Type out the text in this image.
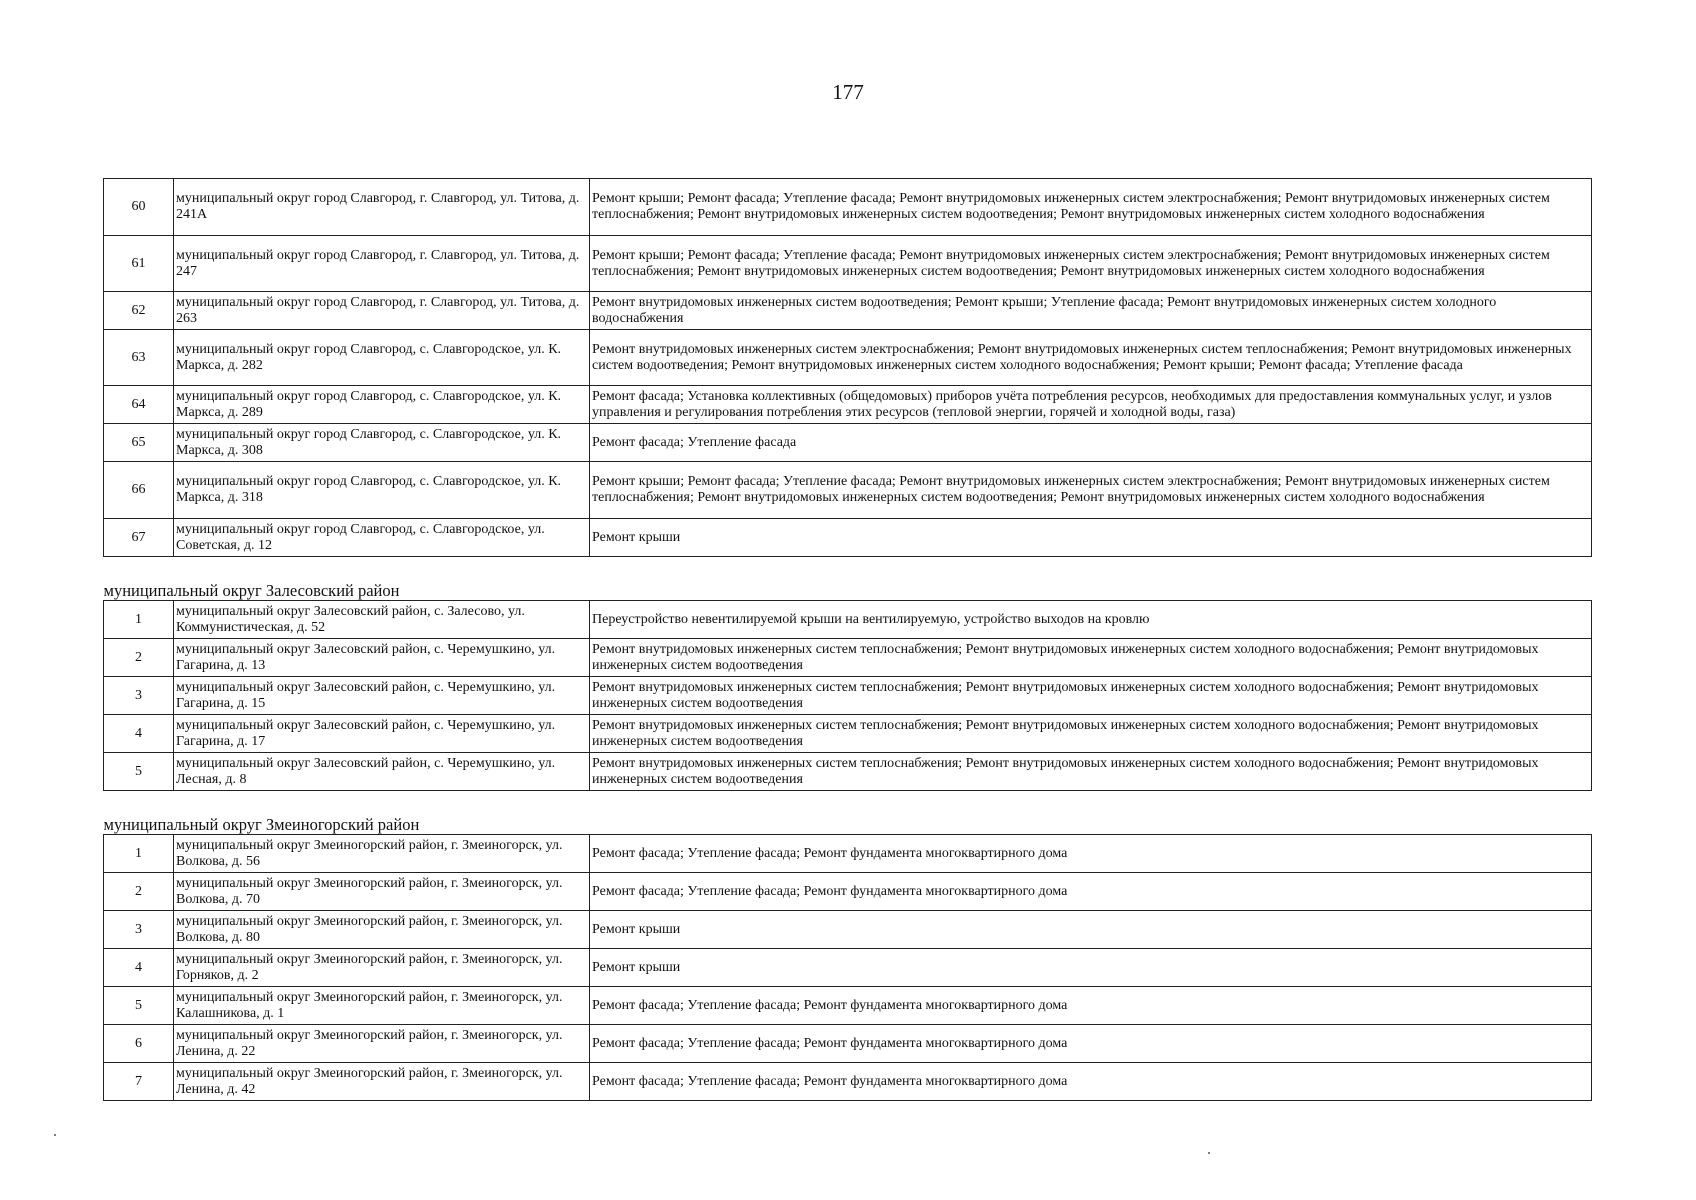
177
60	муниципальный округ город Славгород, г. Славгород, ул. Титова, д. 241А	Ремонт крыши; Ремонт фасада; Утепление фасада; Ремонт внутридомовых инженерных систем электроснабжения; Ремонт внутридомовых инженерных систем теплоснабжения; Ремонт внутридомовых инженерных систем водоотведения; Ремонт внутридомовых инженерных систем холодного водоснабжения
61	муниципальный округ город Славгород, г. Славгород, ул. Титова, д. 247	Ремонт крыши; Ремонт фасада; Утепление фасада; Ремонт внутридомовых инженерных систем электроснабжения; Ремонт внутридомовых инженерных систем теплоснабжения; Ремонт внутридомовых инженерных систем водоотведения; Ремонт внутридомовых инженерных систем холодного водоснабжения
62	муниципальный округ город Славгород, г. Славгород, ул. Титова, д. 263	Ремонт внутридомовых инженерных систем водоотведения; Ремонт крыши; Утепление фасада; Ремонт внутридомовых инженерных систем холодного водоснабжения
63	муниципальный округ город Славгород, с. Славгородское, ул. К. Маркса, д. 282	Ремонт внутридомовых инженерных систем электроснабжения; Ремонт внутридомовых инженерных систем теплоснабжения; Ремонт внутридомовых инженерных систем водоотведения; Ремонт внутридомовых инженерных систем холодного водоснабжения; Ремонт крыши; Ремонт фасада; Утепление фасада
64	муниципальный округ город Славгород, с. Славгородское, ул. К. Маркса, д. 289	Ремонт фасада; Установка коллективных (общедомовых) приборов учёта потребления ресурсов, необходимых для предоставления коммунальных услуг, и узлов управления и регулирования потребления этих ресурсов (тепловой энергии, горячей и холодной воды, газа)
65	муниципальный округ город Славгород, с. Славгородское, ул. К. Маркса, д. 308	Ремонт фасада; Утепление фасада
66	муниципальный округ город Славгород, с. Славгородское, ул. К. Маркса, д. 318	Ремонт крыши; Ремонт фасада; Утепление фасада; Ремонт внутридомовых инженерных систем электроснабжения; Ремонт внутридомовых инженерных систем теплоснабжения; Ремонт внутридомовых инженерных систем водоотведения; Ремонт внутридомовых инженерных систем холодного водоснабжения
67	муниципальный округ город Славгород, с. Славгородское, ул. Советская, д. 12	Ремонт крыши
муниципальный округ Залесовский район		
1	муниципальный округ Залесовский район, с. Залесово, ул. Коммунистическая, д. 52	Переустройство невентилируемой крыши на вентилируемую, устройство выходов на кровлю
2	муниципальный округ Залесовский район, с. Черемушкино, ул. Гагарина, д. 13	Ремонт внутридомовых инженерных систем теплоснабжения; Ремонт внутридомовых инженерных систем холодного водоснабжения; Ремонт внутридомовых инженерных систем водоотведения
3	муниципальный округ Залесовский район, с. Черемушкино, ул. Гагарина, д. 15	Ремонт внутридомовых инженерных систем теплоснабжения; Ремонт внутридомовых инженерных систем холодного водоснабжения; Ремонт внутридомовых инженерных систем водоотведения
4	муниципальный округ Залесовский район, с. Черемушкино, ул. Гагарина, д. 17	Ремонт внутридомовых инженерных систем теплоснабжения; Ремонт внутридомовых инженерных систем холодного водоснабжения; Ремонт внутридомовых инженерных систем водоотведения
5	муниципальный округ Залесовский район, с. Черемушкино, ул. Лесная, д. 8	Ремонт внутридомовых инженерных систем теплоснабжения; Ремонт внутридомовых инженерных систем холодного водоснабжения; Ремонт внутридомовых инженерных систем водоотведения
муниципальный округ Змеиногорский район		
1	муниципальный округ Змеиногорский район, г. Змеиногорск, ул. Волкова, д. 56	Ремонт фасада; Утепление фасада; Ремонт фундамента многоквартирного дома
2	муниципальный округ Змеиногорский район, г. Змеиногорск, ул. Волкова, д. 70	Ремонт фасада; Утепление фасада; Ремонт фундамента многоквартирного дома
3	муниципальный округ Змеиногорский район, г. Змеиногорск, ул. Волкова, д. 80	Ремонт крыши
4	муниципальный округ Змеиногорский район, г. Змеиногорск, ул. Горняков, д. 2	Ремонт крыши
5	муниципальный округ Змеиногорский район, г. Змеиногорск, ул. Калашникова, д. 1	Ремонт фасада; Утепление фасада; Ремонт фундамента многоквартирного дома
6	муниципальный округ Змеиногорский район, г. Змеиногорск, ул. Ленина, д. 22	Ремонт фасада; Утепление фасада; Ремонт фундамента многоквартирного дома
7	муниципальный округ Змеиногорский район, г. Змеиногорск, ул. Ленина, д. 42	Ремонт фасада; Утепление фасада; Ремонт фундамента многоквартирного дома
